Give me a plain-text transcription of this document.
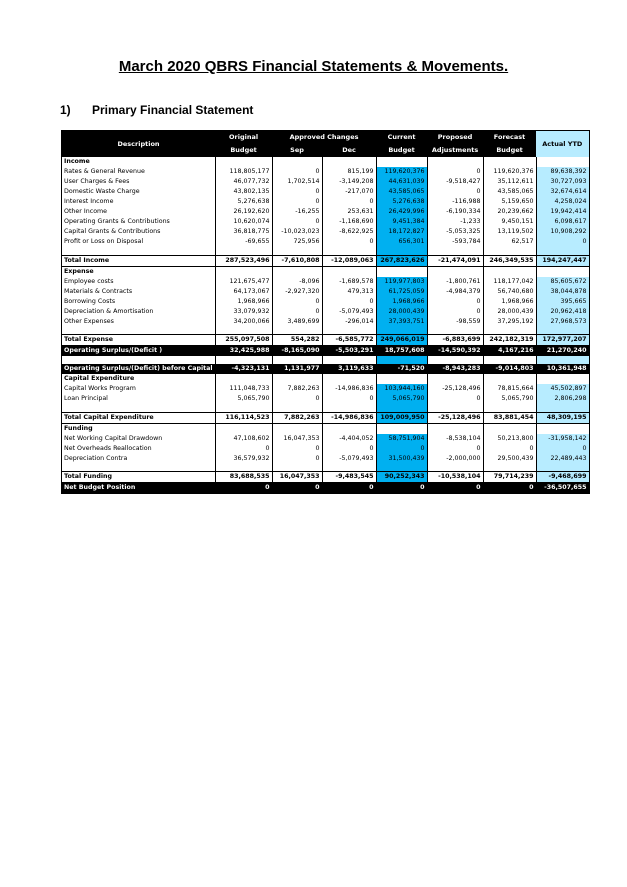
March 2020 QBRS Financial Statements & Movements.
1) Primary Financial Statement
Description	Original	Approved Changes		Current	Proposed	Forecast	Actual YTD
	Budget	Sep	Dec	Budget	Adjustments	Budget	
Income							
Rates & General Revenue	118,805,177	0	815,199	119,620,376	0	119,620,376	89,638,392
User Charges & Fees	46,077,732	1,702,514	-3,149,208	44,631,039	-9,518,427	35,112,611	30,727,093
Domestic Waste Charge	43,802,135	0	-217,070	43,585,065	0	43,585,065	32,674,614
Interest Income	5,276,638	0	0	5,276,638	-116,988	5,159,650	4,258,024
Other Income	26,192,620	-16,255	253,631	26,429,996	-6,190,334	20,239,662	19,942,414
Operating Grants & Contributions	10,620,074	0	-1,168,690	9,451,384	-1,233	9,450,151	6,098,617
Capital Grants & Contributions	36,818,775	-10,023,023	-8,622,925	18,172,827	-5,053,325	13,119,502	10,908,292
Profit or Loss on Disposal	-69,655	725,956	0	656,301	-593,784	62,517	0

Total Income	287,523,496	-7,610,808	-12,089,063	267,823,626	-21,474,091	246,349,535	194,247,447
Expense							
Employee costs	121,675,477	-8,096	-1,689,578	119,977,803	-1,800,761	118,177,042	85,605,672
Materials & Contracts	64,173,067	-2,927,320	479,313	61,725,059	-4,984,379	56,740,680	38,044,878
Borrowing Costs	1,968,966	0	0	1,968,966	0	1,968,966	395,665
Depreciation & Amortisation	33,079,932	0	-5,079,493	28,000,439	0	28,000,439	20,962,418
Other Expenses	34,200,066	3,489,699	-296,014	37,393,751	-98,559	37,295,192	27,968,573

Total Expense	255,097,508	554,282	-6,585,772	249,066,019	-6,883,699	242,182,319	172,977,207
Operating Surplus/(Deficit )	32,425,988	-8,165,090	-5,503,291	18,757,608	-14,590,392	4,167,216	21,270,240

Operating Surplus/(Deficit) before Capital	-4,323,131	1,131,977	3,119,633	-71,520	-8,943,283	-9,014,803	10,361,948
Capital Expenditure							
Capital Works Program	111,048,733	7,882,263	-14,986,836	103,944,160	-25,128,496	78,815,664	45,502,897
Loan Principal	5,065,790	0	0	5,065,790	0	5,065,790	2,806,298

Total Capital Expenditure	116,114,523	7,882,263	-14,986,836	109,009,950	-25,128,496	83,881,454	48,309,195
Funding							
Net Working Capital Drawdown	47,108,602	16,047,353	-4,404,052	58,751,904	-8,538,104	50,213,800	-31,958,142
Net Overheads Reallocation	0	0	0	0	0	0	0
Depreciation Contra	36,579,932	0	-5,079,493	31,500,439	-2,000,000	29,500,439	22,489,443

Total Funding	83,688,535	16,047,353	-9,483,545	90,252,343	-10,538,104	79,714,239	-9,468,699
Net Budget Position	0	0	0	0	0	0	-36,507,655
